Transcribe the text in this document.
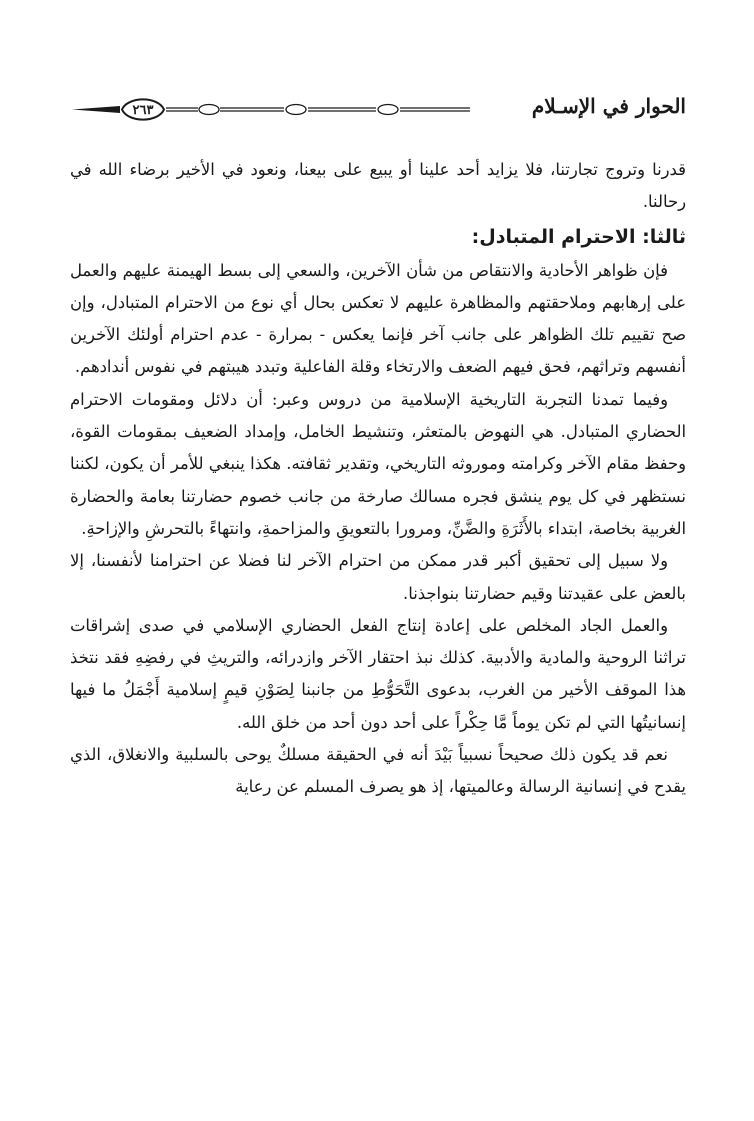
الحوار في الإسـلام
٢٦٣

قدرنا وتروج تجارتنا، فلا يزايد أحد علينا أو يبيع على بيعنا، ونعود في الأخير برضاء الله في رحالنا.

ثالثا: الاحترام المتبادل:

فإن ظواهر الأحادية والانتقاص من شأن الآخرين، والسعي إلى بسط الهيمنة عليهم والعمل على إرهابهم وملاحقتهم والمظاهرة عليهم لا تعكس بحال أي نوع من الاحترام المتبادل، وإن صح تقييم تلك الظواهر على جانب آخر فإنما يعكس - بمرارة - عدم احترام أولئك الآخرين أنفسهم وتراثهم، فحق فيهم الضعف والارتخاء وقلة الفاعلية وتبدد هيبتهم في نفوس أندادهم.

وفيما تمدنا التجربة التاريخية الإسلامية من دروس وعبر: أن دلائل ومقومات الاحترام الحضاري المتبادل. هي النهوض بالمتعثر، وتنشيط الخامل، وإمداد الضعيف بمقومات القوة، وحفظ مقام الآخر وكرامته وموروثه التاريخي، وتقدير ثقافته. هكذا ينبغي للأمر أن يكون، لكننا نستظهر في كل يوم ينشق فجره مسالك صارخة من جانب خصوم حضارتنا بعامة والحضارة الغربية بخاصة، ابتداء بالأَثَرَةِ والضَّنِّ، ومرورا بالتعويقِ والمزاحمةِ، وانتهاءً بالتحرشِ والإزاحةِ.

ولا سبيل إلى تحقيق أكبر قدر ممكن من احترام الآخر لنا فضلا عن احترامنا لأنفسنا، إلا بالعض على عقيدتنا وقيم حضارتنا بنواجذنا.

والعمل الجاد المخلص على إعادة إنتاج الفعل الحضاري الإسلامي في صدى إشراقات تراثنا الروحية والمادية والأدبية. كذلك نبذ احتقار الآخر وازدرائه، والتريثِ في رفضِهِ فقد نتخذ هذا الموقف الأخير من الغرب، بدعوى التَّحَوُّطِ من جانبنا لِصَوْنِ قيمٍ إسلامية أَجْمَلُ ما فيها إنسانيتُها التي لم تكن يوماً مَّا حِكْراً على أحد دون أحد من خلق الله.

نعم قد يكون ذلك صحيحاً نسبياً بَيْدَ أنه في الحقيقة مسلكٌ يوحى بالسلبية والانغلاق، الذي يقدح في إنسانية الرسالة وعالميتها، إذ هو يصرف المسلم عن رعاية
